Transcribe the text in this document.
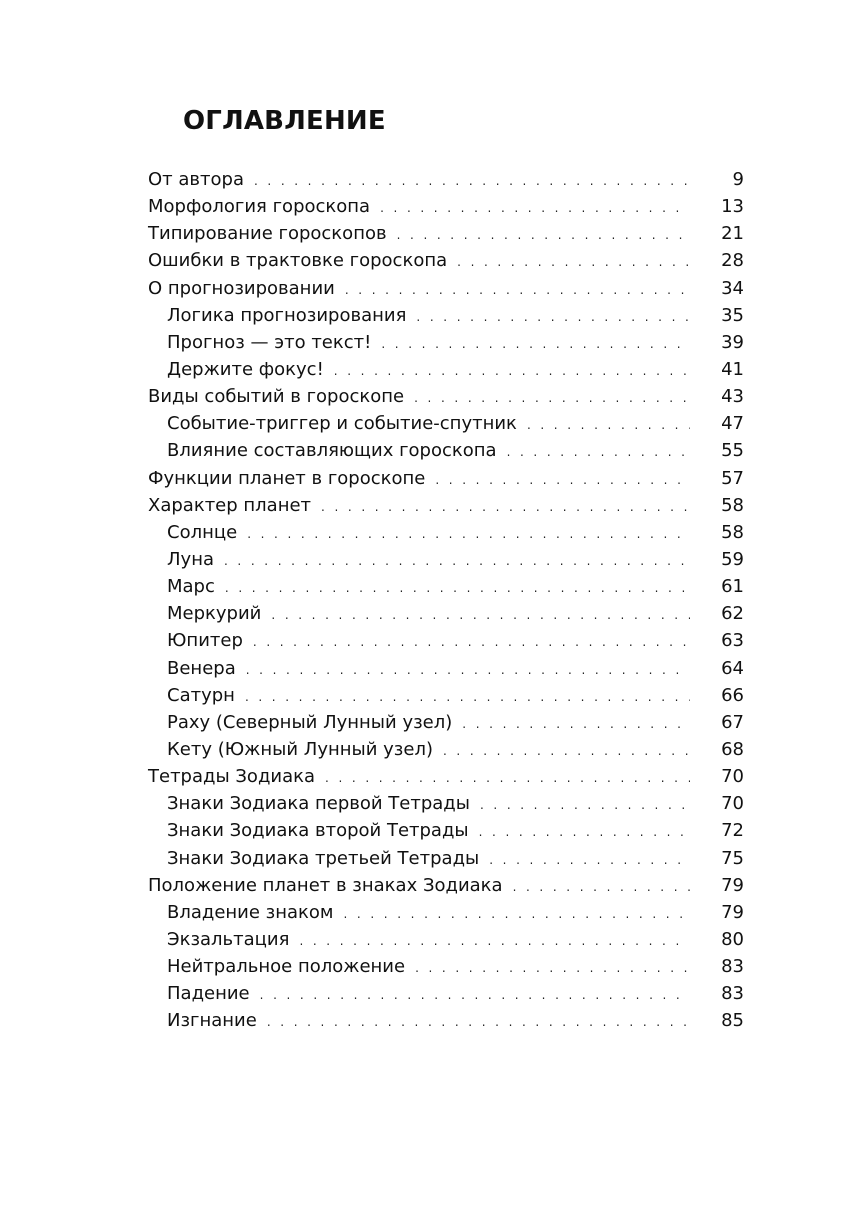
ОГЛАВЛЕНИЕ
От автора . . .	9
Морфология гороскопа . . .	13
Типирование гороскопов . . .	21
Ошибки в трактовке гороскопа . . .	28
О прогнозировании . . .	34
Логика прогнозирования . . .	35
Прогноз — это текст! . . .	39
Держите фокус! . . .	41
Виды событий в гороскопе . . .	43
Событие-триггер и событие-спутник . . .	47
Влияние составляющих гороскопа . . .	55
Функции планет в гороскопе . . .	57
Характер планет . . .	58
Солнце . . .	58
Луна . . .	59
Марс . . .	61
Меркурий . . .	62
Юпитер . . .	63
Венера . . .	64
Сатурн . . .	66
Раху (Северный Лунный узел) . . .	67
Кету (Южный Лунный узел) . . .	68
Тетрады Зодиака . . .	70
Знаки Зодиака первой Тетрады . . .	70
Знаки Зодиака второй Тетрады . . .	72
Знаки Зодиака третьей Тетрады . . .	75
Положение планет в знаках Зодиака . . .	79
Владение знаком . . .	79
Экзальтация . . .	80
Нейтральное положение . . .	83
Падение . . .	83
Изгнание . . .	85
